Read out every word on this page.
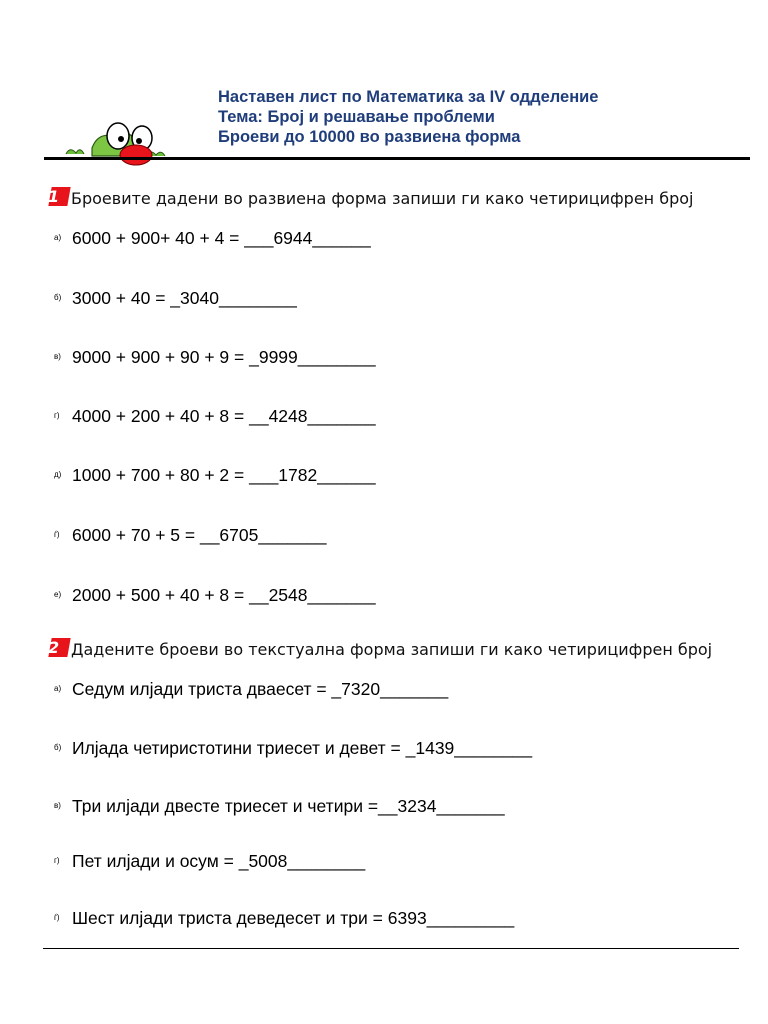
Наставен лист по Математика за IV одделение
Тема: Број и решавање проблеми
Броеви до 10000 во развиена форма
1 Броевите дадени во развиена форма запиши ги како четирицифрен број
а) 6000 + 900+ 40 + 4 = ___6944______
б) 3000 + 40 = _3040________
в) 9000 + 900 + 90 + 9 = _9999________
г) 4000 + 200 + 40 + 8 = __4248_______
д) 1000 + 700 + 80 + 2 = ___1782______
ѓ) 6000 + 70 + 5 = __6705_______
е) 2000 + 500 + 40 + 8 = __2548_______
2 Дадените броеви во текстуална форма запиши ги како четирицифрен број
а) Седум илјади триста дваесет = _7320_______
б) Илјада четиристотини триесет и девет = _1439________
в) Три илјади двесте триесет и четири =__3234_______
г) Пет илјади и осум = _5008________
ѓ) Шест илјади триста деведесет и три = 6393_________
